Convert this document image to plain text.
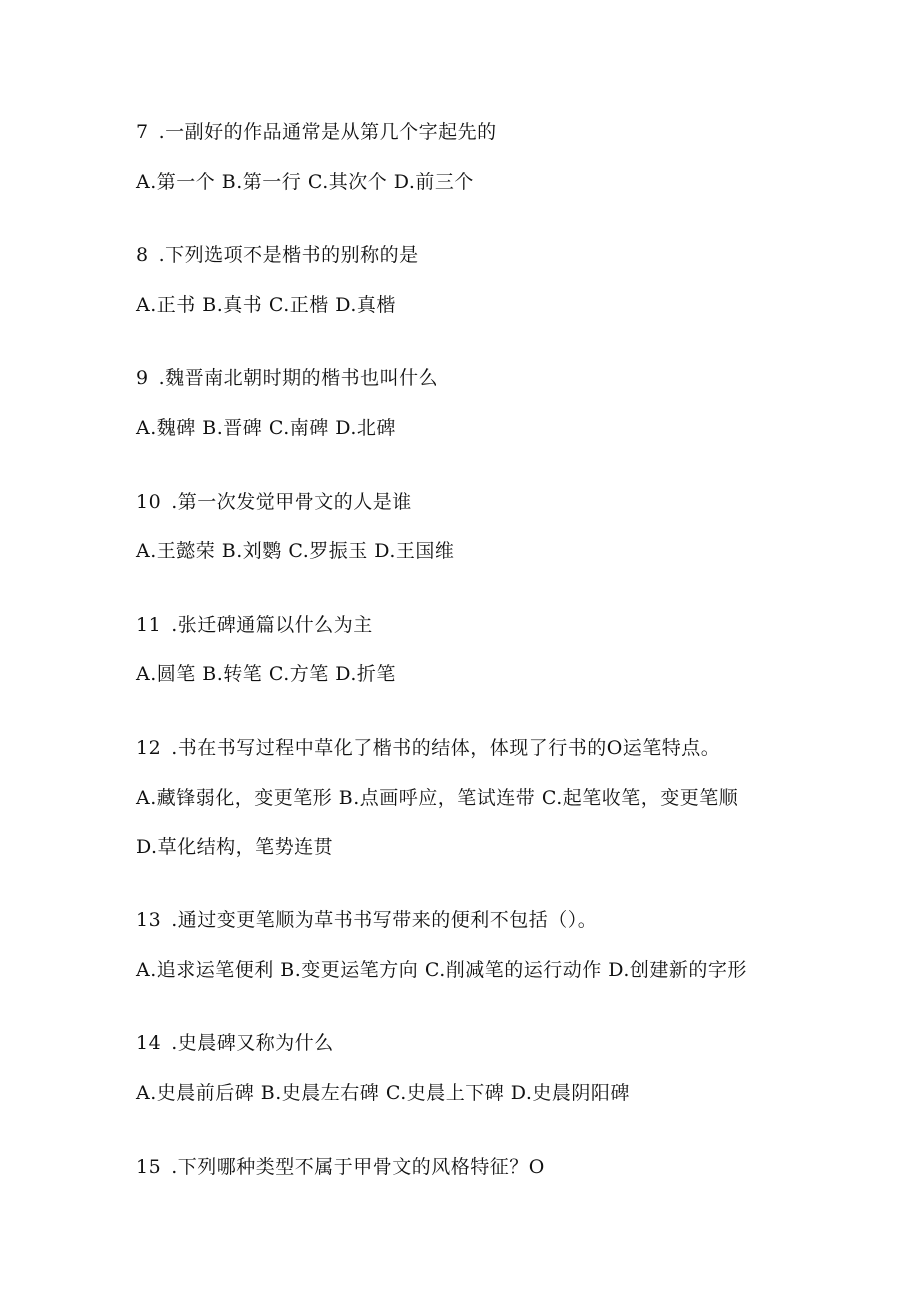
7 .一副好的作品通常是从第几个字起先的
A.第一个 B.第一行 C.其次个 D.前三个
8 .下列选项不是楷书的别称的是
A.正书 B.真书 C.正楷 D.真楷
9 .魏晋南北朝时期的楷书也叫什么
A.魏碑 B.晋碑 C.南碑 D.北碑
10 .第一次发觉甲骨文的人是谁
A.王懿荣 B.刘鹦 C.罗振玉 D.王国维
11 .张迁碑通篇以什么为主
A.圆笔 B.转笔 C.方笔 D.折笔
12 .书在书写过程中草化了楷书的结体，体现了行书的O运笔特点。
A.藏锋弱化，变更笔形 B.点画呼应，笔试连带 C.起笔收笔，变更笔顺
D.草化结构，笔势连贯
13 .通过变更笔顺为草书书写带来的便利不包括（）。
A.追求运笔便利 B.变更运笔方向 C.削减笔的运行动作 D.创建新的字形
14 .史晨碑又称为什么
A.史晨前后碑 B.史晨左右碑 C.史晨上下碑 D.史晨阴阳碑
15 .下列哪种类型不属于甲骨文的风格特征？O
